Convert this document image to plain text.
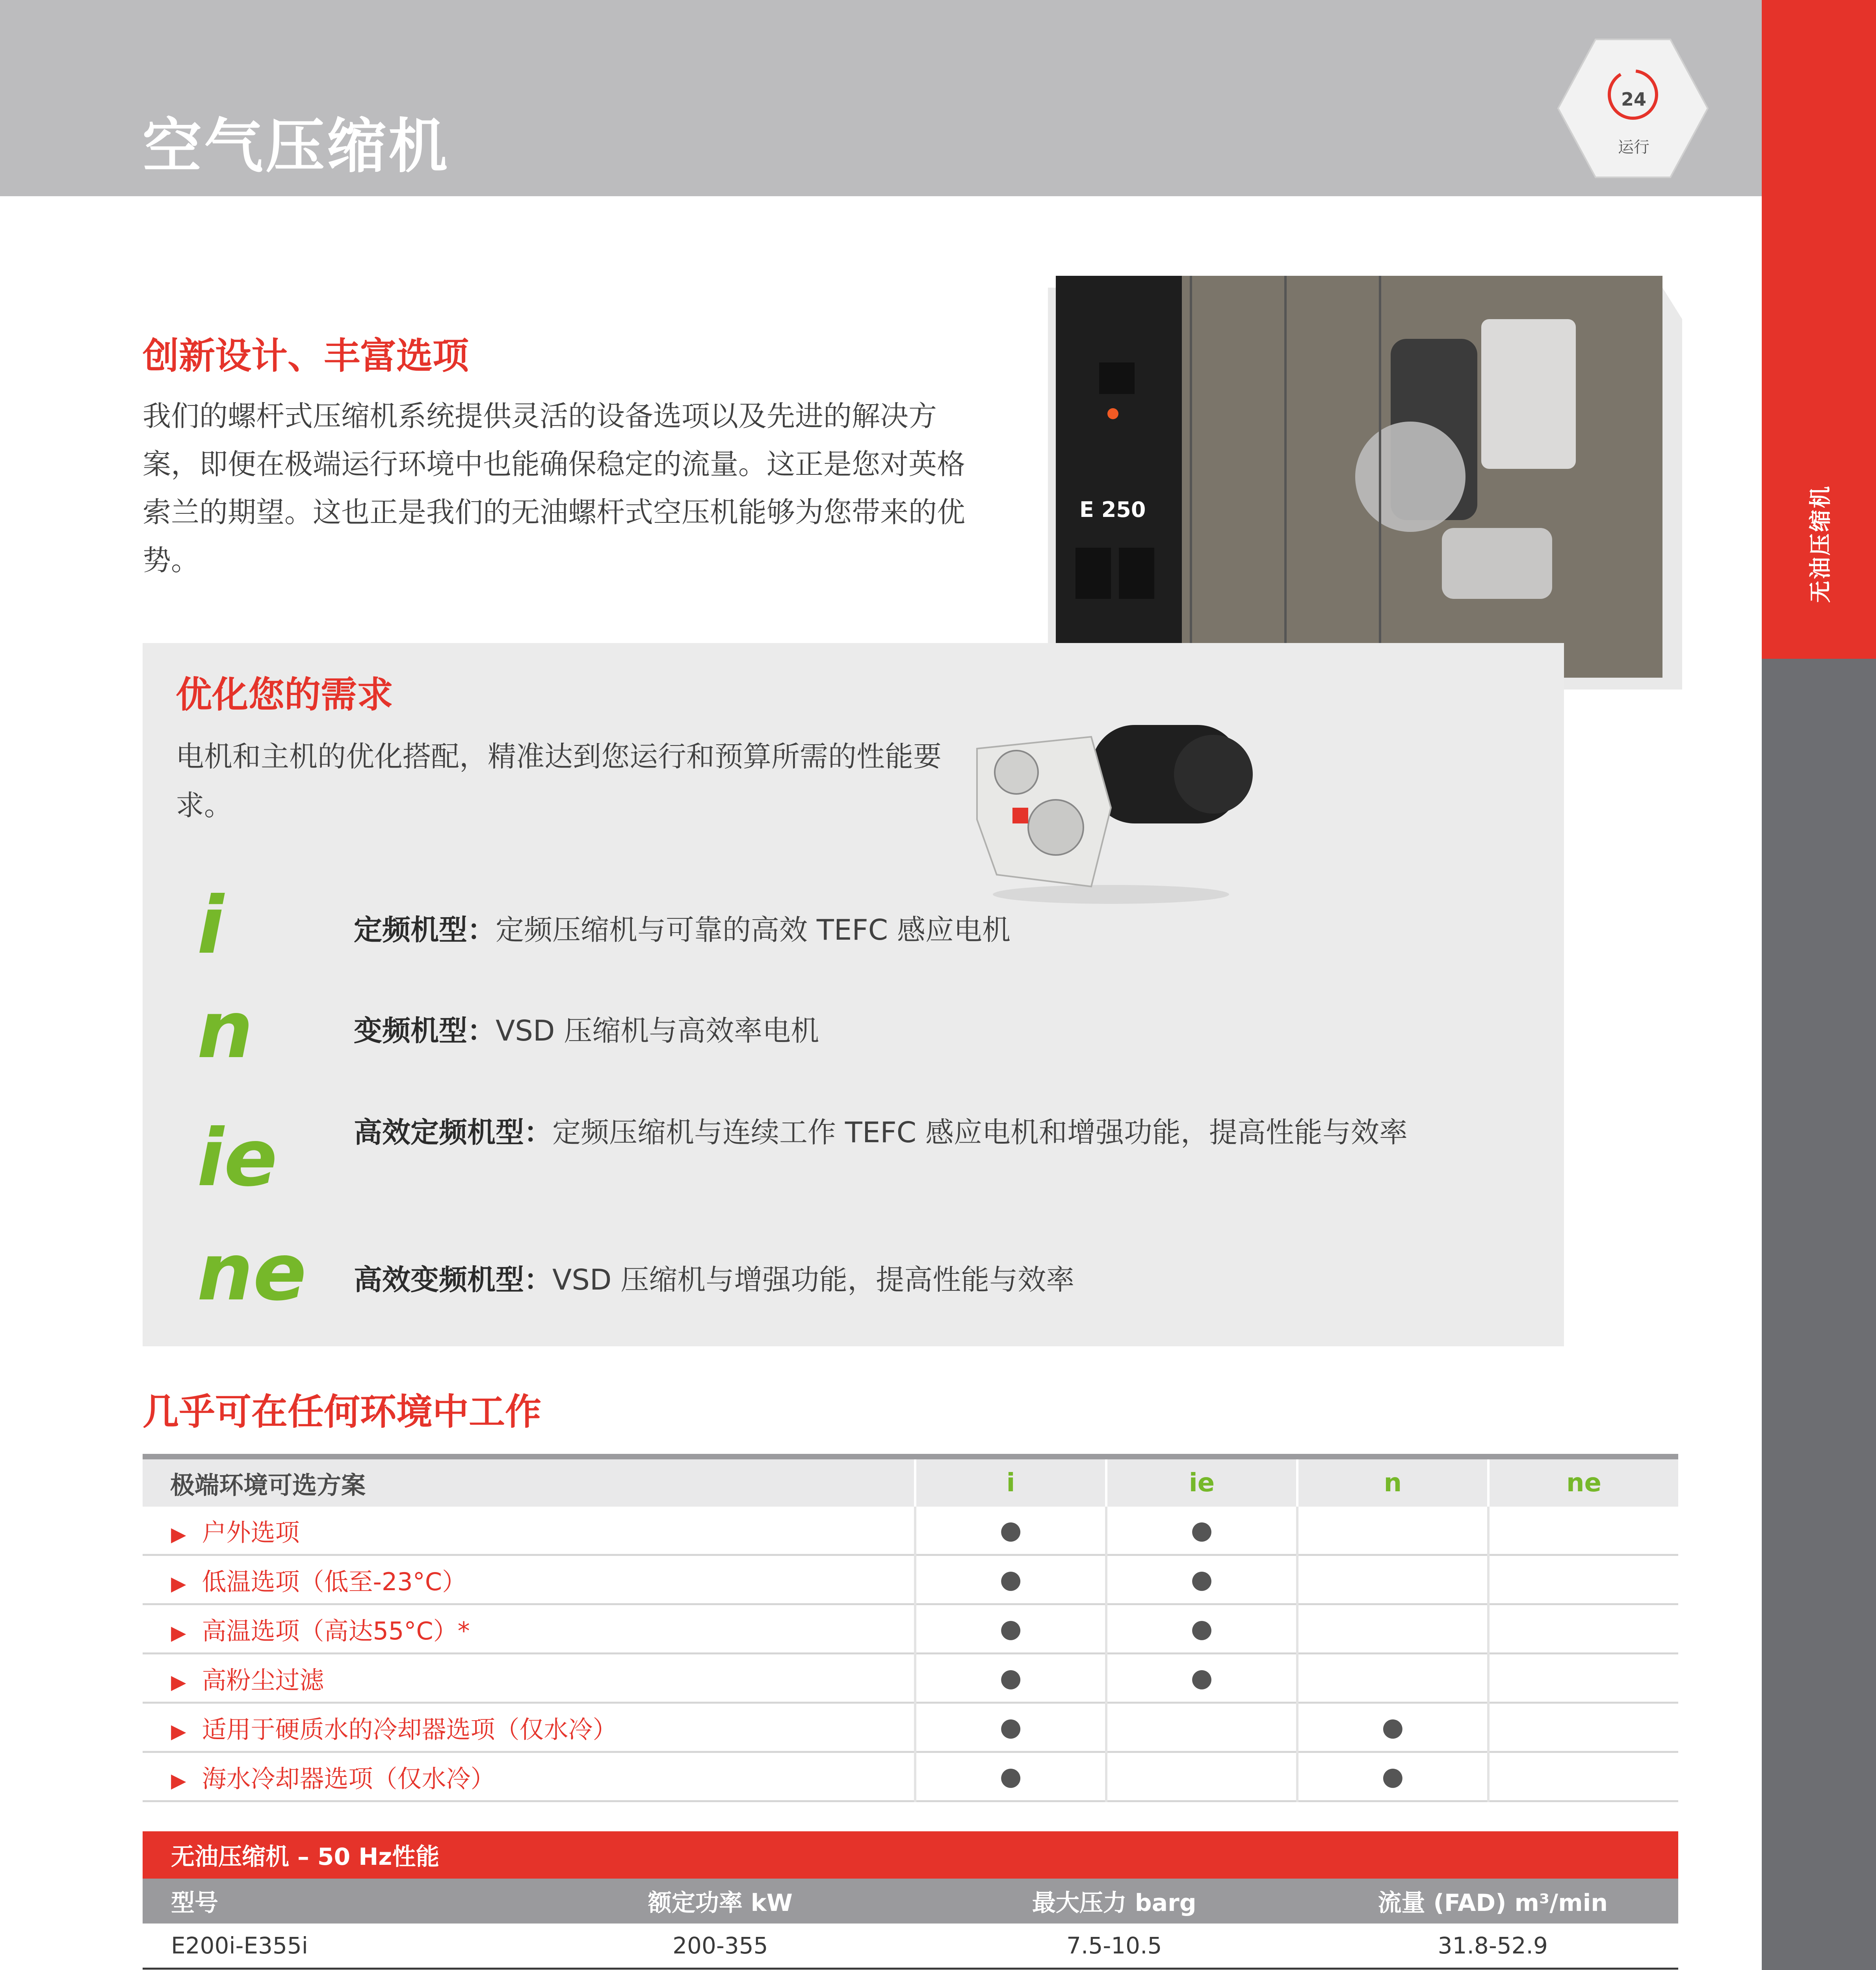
空气压缩机
24
运行
无油压缩机
创新设计、丰富选项
我们的螺杆式压缩机系统提供灵活的设备选项以及先进的解决方案，即便在极端运行环境中也能确保稳定的流量。这正是您对英格索兰的期望。这也正是我们的无油螺杆式空压机能够为您带来的优势。
E 250
优化您的需求
电机和主机的优化搭配，精准达到您运行和预算所需的性能要求。
i
n
ie
ne
定频机型：定频压缩机与可靠的高效 TEFC 感应电机
变频机型：VSD 压缩机与高效率电机
高效定频机型：定频压缩机与连续工作 TEFC 感应电机和增强功能，提高性能与效率
高效变频机型：VSD 压缩机与增强功能，提高性能与效率
几乎可在任何环境中工作
极端环境可选方案	i	ie	n	ne
▶ 户外选项	●	●		
▶ 低温选项（低至-23°C）	●	●		
▶ 高温选项（高达55°C）*	●	●		
▶ 高粉尘过滤	●	●		
▶ 适用于硬质水的冷却器选项（仅水冷）	●		●	
▶ 海水冷却器选项（仅水冷）	●		●	
无油压缩机 – 50 Hz性能			
型号	额定功率 kW	最大压力 barg	流量 (FAD) m³/min
E200i-E355i	200-355	7.5-10.5	31.8-52.9
